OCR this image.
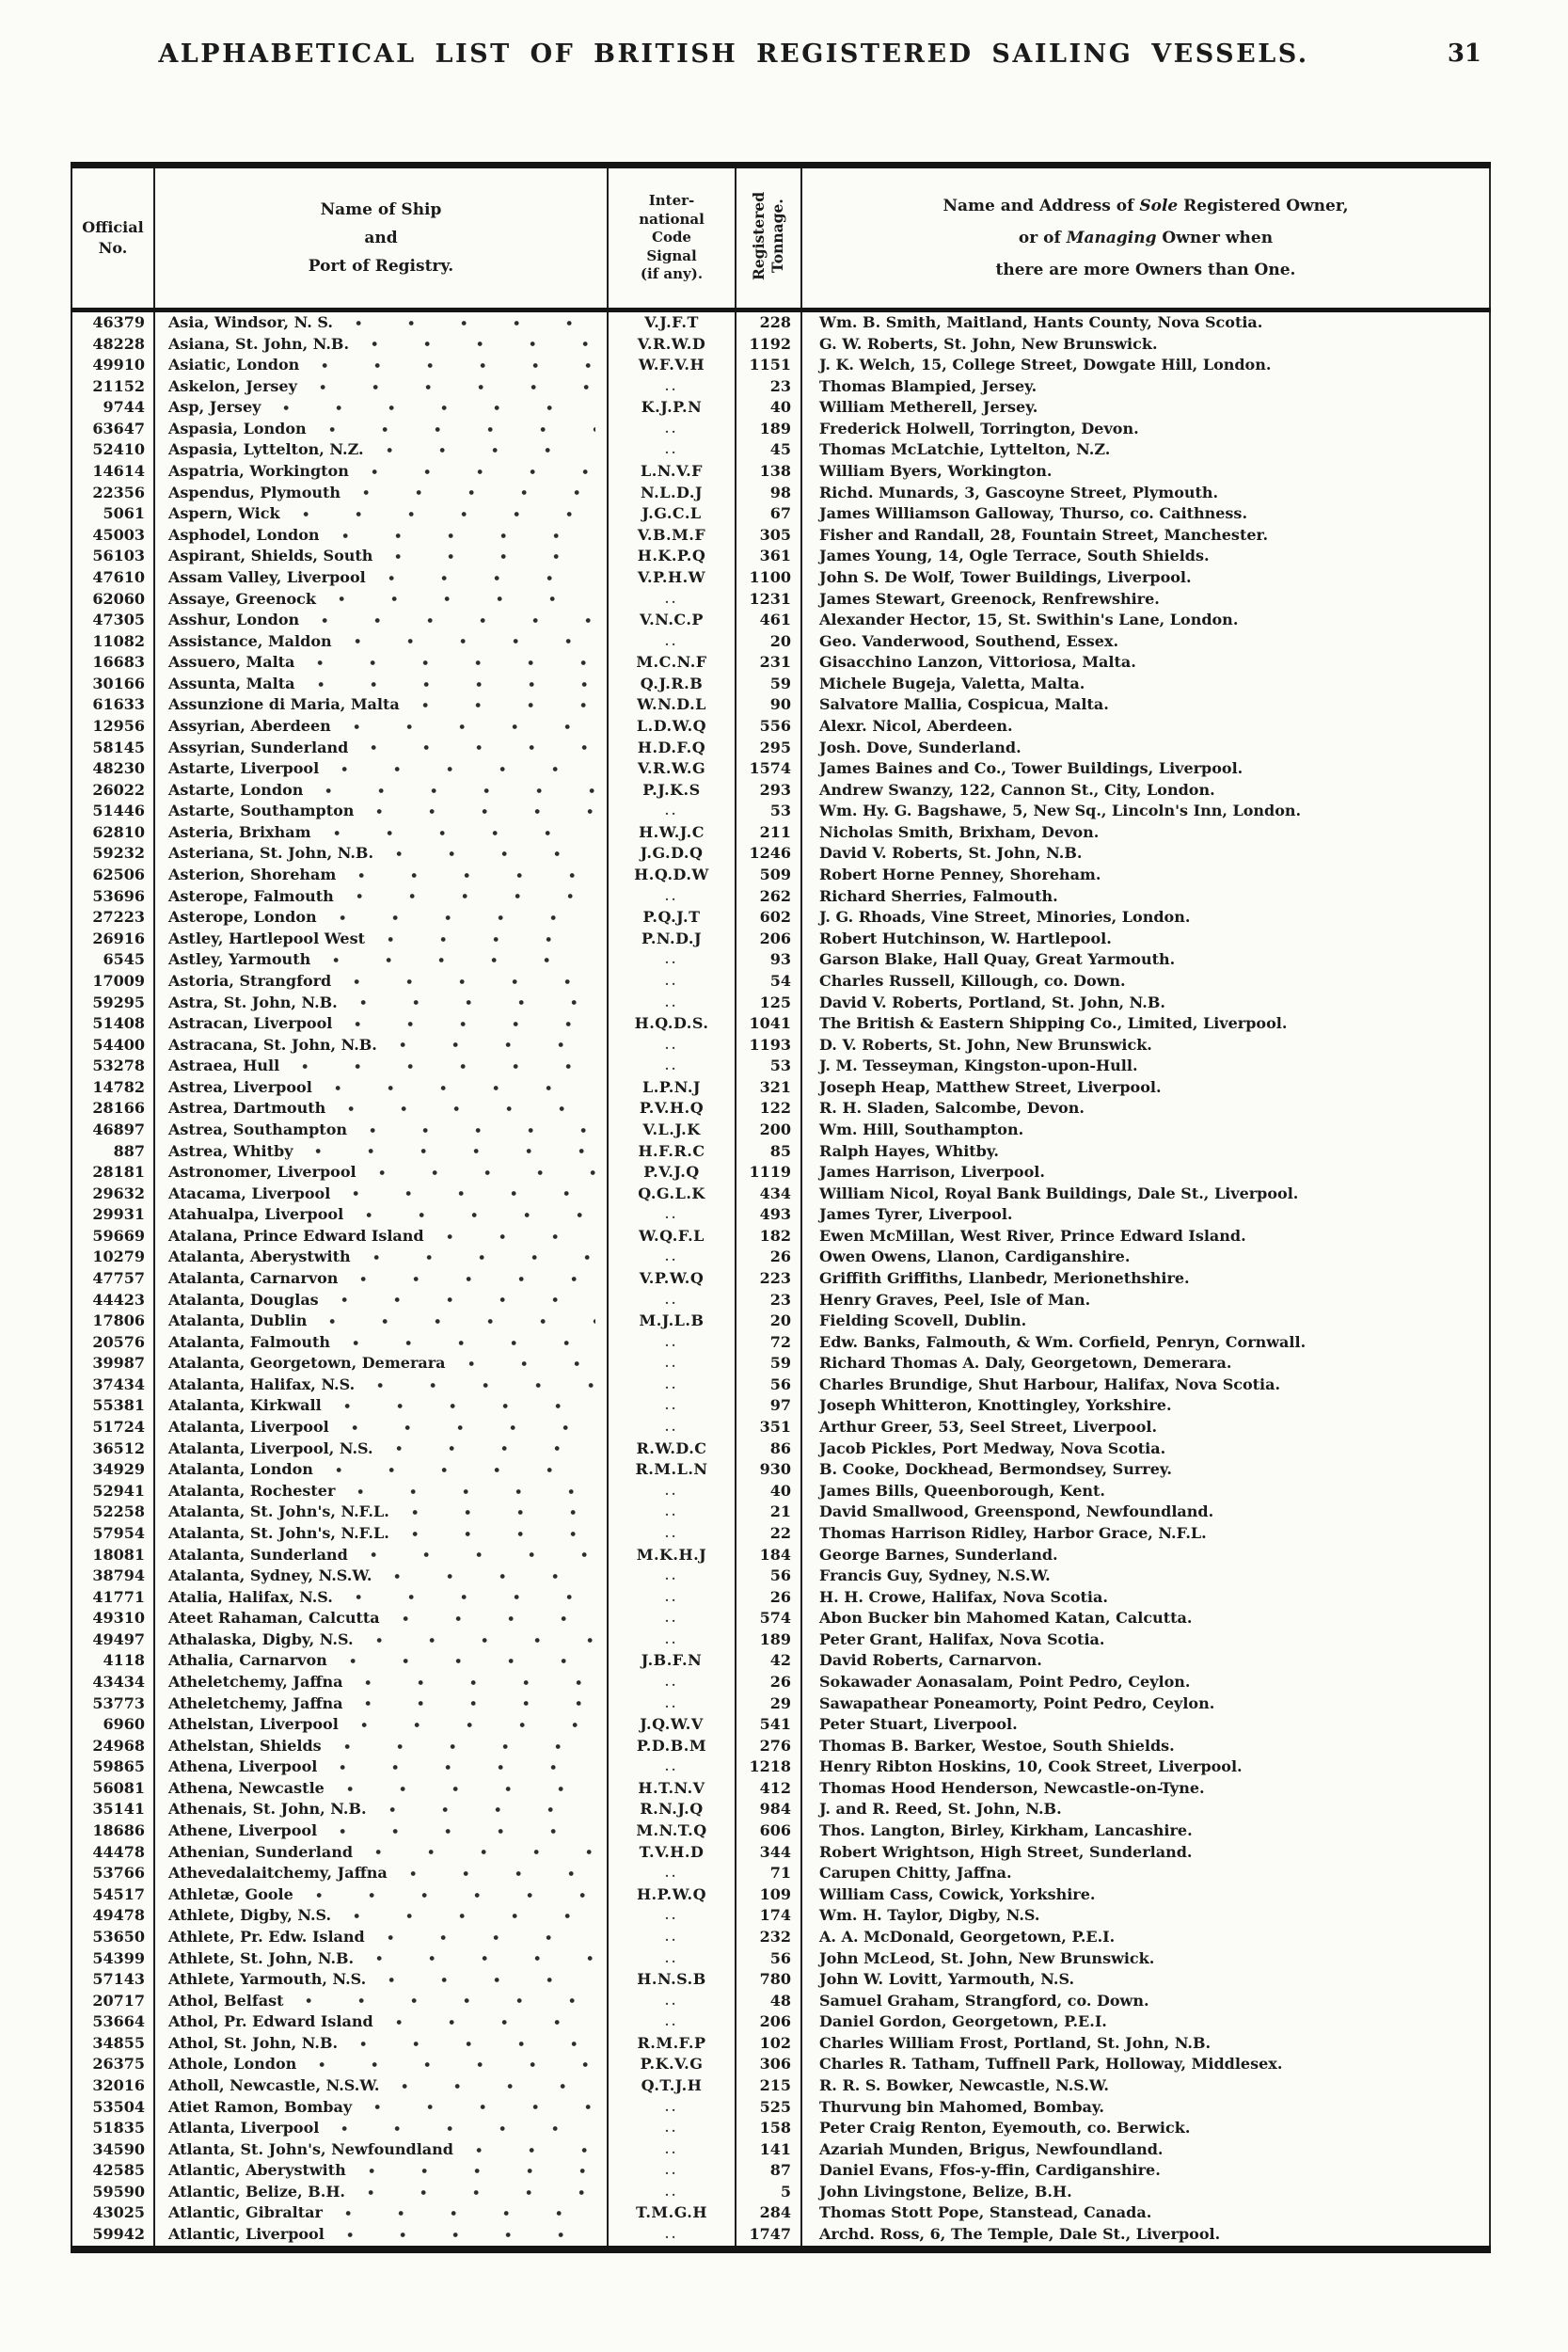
ALPHABETICAL LIST OF BRITISH REGISTERED SAILING VESSELS.	31
Official
No.

Name of Ship
and
Port of Registry.

Inter-
national
Code
Signal
(if any).	Registered
Tonnage.	Name and Address of Sole Registered Owner,
or of Managing Owner when
there are more Owners than One.

46379	Asia, Windsor, N. S.	V.J.F.T	228	Wm. B. Smith, Maitland, Hants County, Nova Scotia.
48228	Asiana, St. John, N.B.	V.R.W.D	1192	G. W. Roberts, St. John, New Brunswick.
49910	Asiatic, London	W.F.V.H	1151	J. K. Welch, 15, College Street, Dowgate Hill, London.
21152	Askelon, Jersey	..	23	Thomas Blampied, Jersey.
9744	Asp, Jersey	K.J.P.N	40	William Metherell, Jersey.
63647	Aspasia, London	..	189	Frederick Holwell, Torrington, Devon.
52410	Aspasia, Lyttelton, N.Z.	..	45	Thomas McLatchie, Lyttelton, N.Z.
14614	Aspatria, Workington	L.N.V.F	138	William Byers, Workington.
22356	Aspendus, Plymouth	N.L.D.J	98	Richd. Munards, 3, Gascoyne Street, Plymouth.
5061	Aspern, Wick	J.G.C.L	67	James Williamson Galloway, Thurso, co. Caithness.
45003	Asphodel, London	V.B.M.F	305	Fisher and Randall, 28, Fountain Street, Manchester.
56103	Aspirant, Shields, South	H.K.P.Q	361	James Young, 14, Ogle Terrace, South Shields.
47610	Assam Valley, Liverpool	V.P.H.W	1100	John S. De Wolf, Tower Buildings, Liverpool.
62060	Assaye, Greenock	..	1231	James Stewart, Greenock, Renfrewshire.
47305	Asshur, London	V.N.C.P	461	Alexander Hector, 15, St. Swithin's Lane, London.
11082	Assistance, Maldon	..	20	Geo. Vanderwood, Southend, Essex.
16683	Assuero, Malta	M.C.N.F	231	Gisacchino Lanzon, Vittoriosa, Malta.
30166	Assunta, Malta	Q.J.R.B	59	Michele Bugeja, Valetta, Malta.
61633	Assunzione di Maria, Malta	W.N.D.L	90	Salvatore Mallia, Cospicua, Malta.
12956	Assyrian, Aberdeen	L.D.W.Q	556	Alexr. Nicol, Aberdeen.
58145	Assyrian, Sunderland	H.D.F.Q	295	Josh. Dove, Sunderland.
48230	Astarte, Liverpool	V.R.W.G	1574	James Baines and Co., Tower Buildings, Liverpool.
26022	Astarte, London	P.J.K.S	293	Andrew Swanzy, 122, Cannon St., City, London.
51446	Astarte, Southampton	..	53	Wm. Hy. G. Bagshawe, 5, New Sq., Lincoln's Inn, London.
62810	Asteria, Brixham	H.W.J.C	211	Nicholas Smith, Brixham, Devon.
59232	Asteriana, St. John, N.B.	J.G.D.Q	1246	David V. Roberts, St. John, N.B.
62506	Asterion, Shoreham	H.Q.D.W	509	Robert Horne Penney, Shoreham.
53696	Asterope, Falmouth	..	262	Richard Sherries, Falmouth.
27223	Asterope, London	P.Q.J.T	602	J. G. Rhoads, Vine Street, Minories, London.
26916	Astley, Hartlepool West	P.N.D.J	206	Robert Hutchinson, W. Hartlepool.
6545	Astley, Yarmouth	..	93	Garson Blake, Hall Quay, Great Yarmouth.
17009	Astoria, Strangford	..	54	Charles Russell, Killough, co. Down.
59295	Astra, St. John, N.B.	..	125	David V. Roberts, Portland, St. John, N.B.
51408	Astracan, Liverpool	H.Q.D.S.	1041	The British & Eastern Shipping Co., Limited, Liverpool.
54400	Astracana, St. John, N.B.	..	1193	D. V. Roberts, St. John, New Brunswick.
53278	Astraea, Hull	..	53	J. M. Tesseyman, Kingston-upon-Hull.
14782	Astrea, Liverpool	L.P.N.J	321	Joseph Heap, Matthew Street, Liverpool.
28166	Astrea, Dartmouth	P.V.H.Q	122	R. H. Sladen, Salcombe, Devon.
46897	Astrea, Southampton	V.L.J.K	200	Wm. Hill, Southampton.
887	Astrea, Whitby	H.F.R.C	85	Ralph Hayes, Whitby.
28181	Astronomer, Liverpool	P.V.J.Q	1119	James Harrison, Liverpool.
29632	Atacama, Liverpool	Q.G.L.K	434	William Nicol, Royal Bank Buildings, Dale St., Liverpool.
29931	Atahualpa, Liverpool	..	493	James Tyrer, Liverpool.
59669	Atalana, Prince Edward Island	W.Q.F.L	182	Ewen McMillan, West River, Prince Edward Island.
10279	Atalanta, Aberystwith	..	26	Owen Owens, Llanon, Cardiganshire.
47757	Atalanta, Carnarvon	V.P.W.Q	223	Griffith Griffiths, Llanbedr, Merionethshire.
44423	Atalanta, Douglas	..	23	Henry Graves, Peel, Isle of Man.
17806	Atalanta, Dublin	M.J.L.B	20	Fielding Scovell, Dublin.
20576	Atalanta, Falmouth	..	72	Edw. Banks, Falmouth, & Wm. Corfield, Penryn, Cornwall.
39987	Atalanta, Georgetown, Demerara	..	59	Richard Thomas A. Daly, Georgetown, Demerara.
37434	Atalanta, Halifax, N.S.	..	56	Charles Brundige, Shut Harbour, Halifax, Nova Scotia.
55381	Atalanta, Kirkwall	..	97	Joseph Whitteron, Knottingley, Yorkshire.
51724	Atalanta, Liverpool	..	351	Arthur Greer, 53, Seel Street, Liverpool.
36512	Atalanta, Liverpool, N.S.	R.W.D.C	86	Jacob Pickles, Port Medway, Nova Scotia.
34929	Atalanta, London	R.M.L.N	930	B. Cooke, Dockhead, Bermondsey, Surrey.
52941	Atalanta, Rochester	..	40	James Bills, Queenborough, Kent.
52258	Atalanta, St. John's, N.F.L.	..	21	David Smallwood, Greenspond, Newfoundland.
57954	Atalanta, St. John's, N.F.L.	..	22	Thomas Harrison Ridley, Harbor Grace, N.F.L.
18081	Atalanta, Sunderland	M.K.H.J	184	George Barnes, Sunderland.
38794	Atalanta, Sydney, N.S.W.	..	56	Francis Guy, Sydney, N.S.W.
41771	Atalia, Halifax, N.S.	..	26	H. H. Crowe, Halifax, Nova Scotia.
49310	Ateet Rahaman, Calcutta	..	574	Abon Bucker bin Mahomed Katan, Calcutta.
49497	Athalaska, Digby, N.S.	..	189	Peter Grant, Halifax, Nova Scotia.
4118	Athalia, Carnarvon	J.B.F.N	42	David Roberts, Carnarvon.
43434	Atheletchemy, Jaffna	..	26	Sokawader Aonasalam, Point Pedro, Ceylon.
53773	Atheletchemy, Jaffna	..	29	Sawapathear Poneamorty, Point Pedro, Ceylon.
6960	Athelstan, Liverpool	J.Q.W.V	541	Peter Stuart, Liverpool.
24968	Athelstan, Shields	P.D.B.M	276	Thomas B. Barker, Westoe, South Shields.
59865	Athena, Liverpool	..	1218	Henry Ribton Hoskins, 10, Cook Street, Liverpool.
56081	Athena, Newcastle	H.T.N.V	412	Thomas Hood Henderson, Newcastle-on-Tyne.
35141	Athenais, St. John, N.B.	R.N.J.Q	984	J. and R. Reed, St. John, N.B.
18686	Athene, Liverpool	M.N.T.Q	606	Thos. Langton, Birley, Kirkham, Lancashire.
44478	Athenian, Sunderland	T.V.H.D	344	Robert Wrightson, High Street, Sunderland.
53766	Athevedalaitchemy, Jaffna	..	71	Carupen Chitty, Jaffna.
54517	Athletæ, Goole	H.P.W.Q	109	William Cass, Cowick, Yorkshire.
49478	Athlete, Digby, N.S.	..	174	Wm. H. Taylor, Digby, N.S.
53650	Athlete, Pr. Edw. Island	..	232	A. A. McDonald, Georgetown, P.E.I.
54399	Athlete, St. John, N.B.	..	56	John McLeod, St. John, New Brunswick.
57143	Athlete, Yarmouth, N.S.	H.N.S.B	780	John W. Lovitt, Yarmouth, N.S.
20717	Athol, Belfast	..	48	Samuel Graham, Strangford, co. Down.
53664	Athol, Pr. Edward Island	..	206	Daniel Gordon, Georgetown, P.E.I.
34855	Athol, St. John, N.B.	R.M.F.P	102	Charles William Frost, Portland, St. John, N.B.
26375	Athole, London	P.K.V.G	306	Charles R. Tatham, Tuffnell Park, Holloway, Middlesex.
32016	Atholl, Newcastle, N.S.W.	Q.T.J.H	215	R. R. S. Bowker, Newcastle, N.S.W.
53504	Atiet Ramon, Bombay	..	525	Thurvung bin Mahomed, Bombay.
51835	Atlanta, Liverpool	..	158	Peter Craig Renton, Eyemouth, co. Berwick.
34590	Atlanta, St. John's, Newfoundland	..	141	Azariah Munden, Brigus, Newfoundland.
42585	Atlantic, Aberystwith	..	87	Daniel Evans, Ffos-y-ffin, Cardiganshire.
59590	Atlantic, Belize, B.H.	..	5	John Livingstone, Belize, B.H.
43025	Atlantic, Gibraltar	T.M.G.H	284	Thomas Stott Pope, Stanstead, Canada.
59942	Atlantic, Liverpool	..	1747	Archd. Ross, 6, The Temple, Dale St., Liverpool.
